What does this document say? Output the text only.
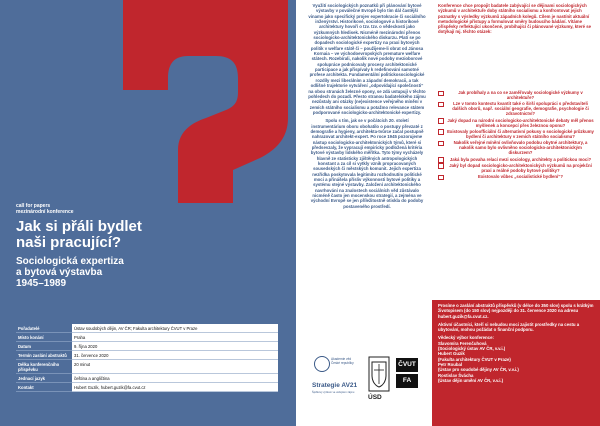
call for papers
mezinárodní konference
Jak si přáli bydlet
naši pracující?
Sociologická expertiza
a bytová výstavba
1945–1989
Pořadatelé	Ústav soudobých dějin, AV ČR; Fakulta architektury ČVUT v Praze
Místo konání	Praha
Datum	9. října 2020
Termín zaslání abstraktů	31. července 2020
Délka konferenčního příspěvku	20 minut
Jednací jazyk	čeština a angličtina
Kontakt	Hubert Guzik, hubert.guzik@fa.cvut.cz

Využití sociologických poznatků při plánování bytové výstavby v poválečné Evropě bylo tím dál častější vinamo jako specifický projev expertokracie či sociálního inženýrství. Historikové, sociologové a historikové architektury hovoří o tzv. tzv. o vědeckosti jako výzkumných hledisek. Nicméně mezinárodní přenos sociologicko-architektonického diskurzu. Platí se po dopadech sociologické expertizy na praxi bytových politik v welfare státě či – použijeme-li obrat od Jánosa Kornaia – ve východoevropských premature welfare státech. Rozebírali, nakolik nové podoby mezioborové spolupráce podnícovaly procesy architektonické participace a jak přispívaly k redefinování samotné profese architekta. Fundamentální politickosociologické rozdíly mezi liberálním a západní demokracii, a tak odlišné trajektorie vytváření „odpovídající společnosti“ na obou stranách železné opony, se zdá ustupují v těchto pohledech do pozadí. Přesto stranou badatelského zájmu nezůstaly ani otázky (ne)existence veřejného mínění v zemích státního socialismu a potažmo relevance státem podporované sociologicko-architektonické expertizy.

Spolu s tím, jak se v počátcích 20. století instrumentárium oboru obohatilo o postupy převzaté z demografie a hygieny, architekta-tvůrce začal postupně nahrazovat architekt-expert. Po roce 1945 pozorujeme nástup sociologicko-architektonických týmů, které si předsevzaly, že vypracují empiricky podložená kritéria bytové výstavby lidského měřítka. Tyto týmy vycházely hlavně ze statisticky zjištěných antropologických konstant a za cíl si vytkly vznik propracovaných sousedských či městských komunit. Jejich expertiza nezřídka poskytovala legitimitu rozhodnutím politické moci a přinášela přísliv výkonnosti bytové politiky a systému stejné výstavby. Založení architektonického navrhování na znalostech sociálních věd zůstávalo nicméně často jen mocenskou strategií, a zejména ve východní Evropě se jen příležitostně otiskla do podoby postaveného prostředí.

Akademie věd České republiky
Strategie AV21
Špičkový výzkum ve veřejném zájmu
ÚSD
ČVUT
FA
Konference chce propojit badatele zabývající se dějinami sociologických výzkumů v architektuře doby státního socialismu a konfrontovat jejich poznatky s výsledky výzkumů západních kolegů. Cílem je nastínit aktuální metodologické přístupy a formulovat směry budoucího bádání. Vítáme příspěvky reflektující ukončené, probíhající či plánované výzkumy, které se dotýkají mj. těchto otázek:
Jak probíhaly a na co se zaměřovaly sociologické výzkumy v architektuře?
Lze v tomto kontextu kvantit také o širší spolupráci s představiteli dalších oborů, např. sociální geografie, demografie, psychologie či zdravotnictví?
Jaký dopad na národní sociologicko-architektonické debaty měl přenos myšlenek a koncepcí přes železnou oponu?
Existovaly poloofficiální či alternativní pokusy o sociologické průzkumy bydlení či architektury v zemích státního socialismu?
Nakolik veřejné mínění ovlivňovalo podobu obytné architektury, a nakolik samo bylo ovlivněno sociologicko-architektonickým diskurzem?
Jaká byla povaha relací mezi sociology, architekty a politickou moci?
Jaký byl dopad sociologicko-architektonických výzkumů na projekční praxi a reálné podoby bytové politiky?
Existovalo vůbec „socialistické bydlení“?

Prosíme o zaslání abstraktů příspěvků (v délce do 350 slov) spolu s krátkým životopisem (do 150 slov) nejpozději do 31. července 2020 na adresu hubert.guzik@fa.cvut.cz.

Aktivní účastníci, kteří si nebudou moci zajistit prostředky na cestu a ubytování, mohou požádat o finanční podporu.

Vědecký výbor konference:
Slavomíra Ferenčuhová
(Sociologický ústav AV ČR, v.v.i.)
Hubert Guzik
(Fakulta architektury ČVUT v Praze)
Petr Roubal
(Ústav pro soudobé dějiny AV ČR, v.v.i.)
Rostislav Švácha
(Ústav dějin umění AV ČR, v.v.i.)
